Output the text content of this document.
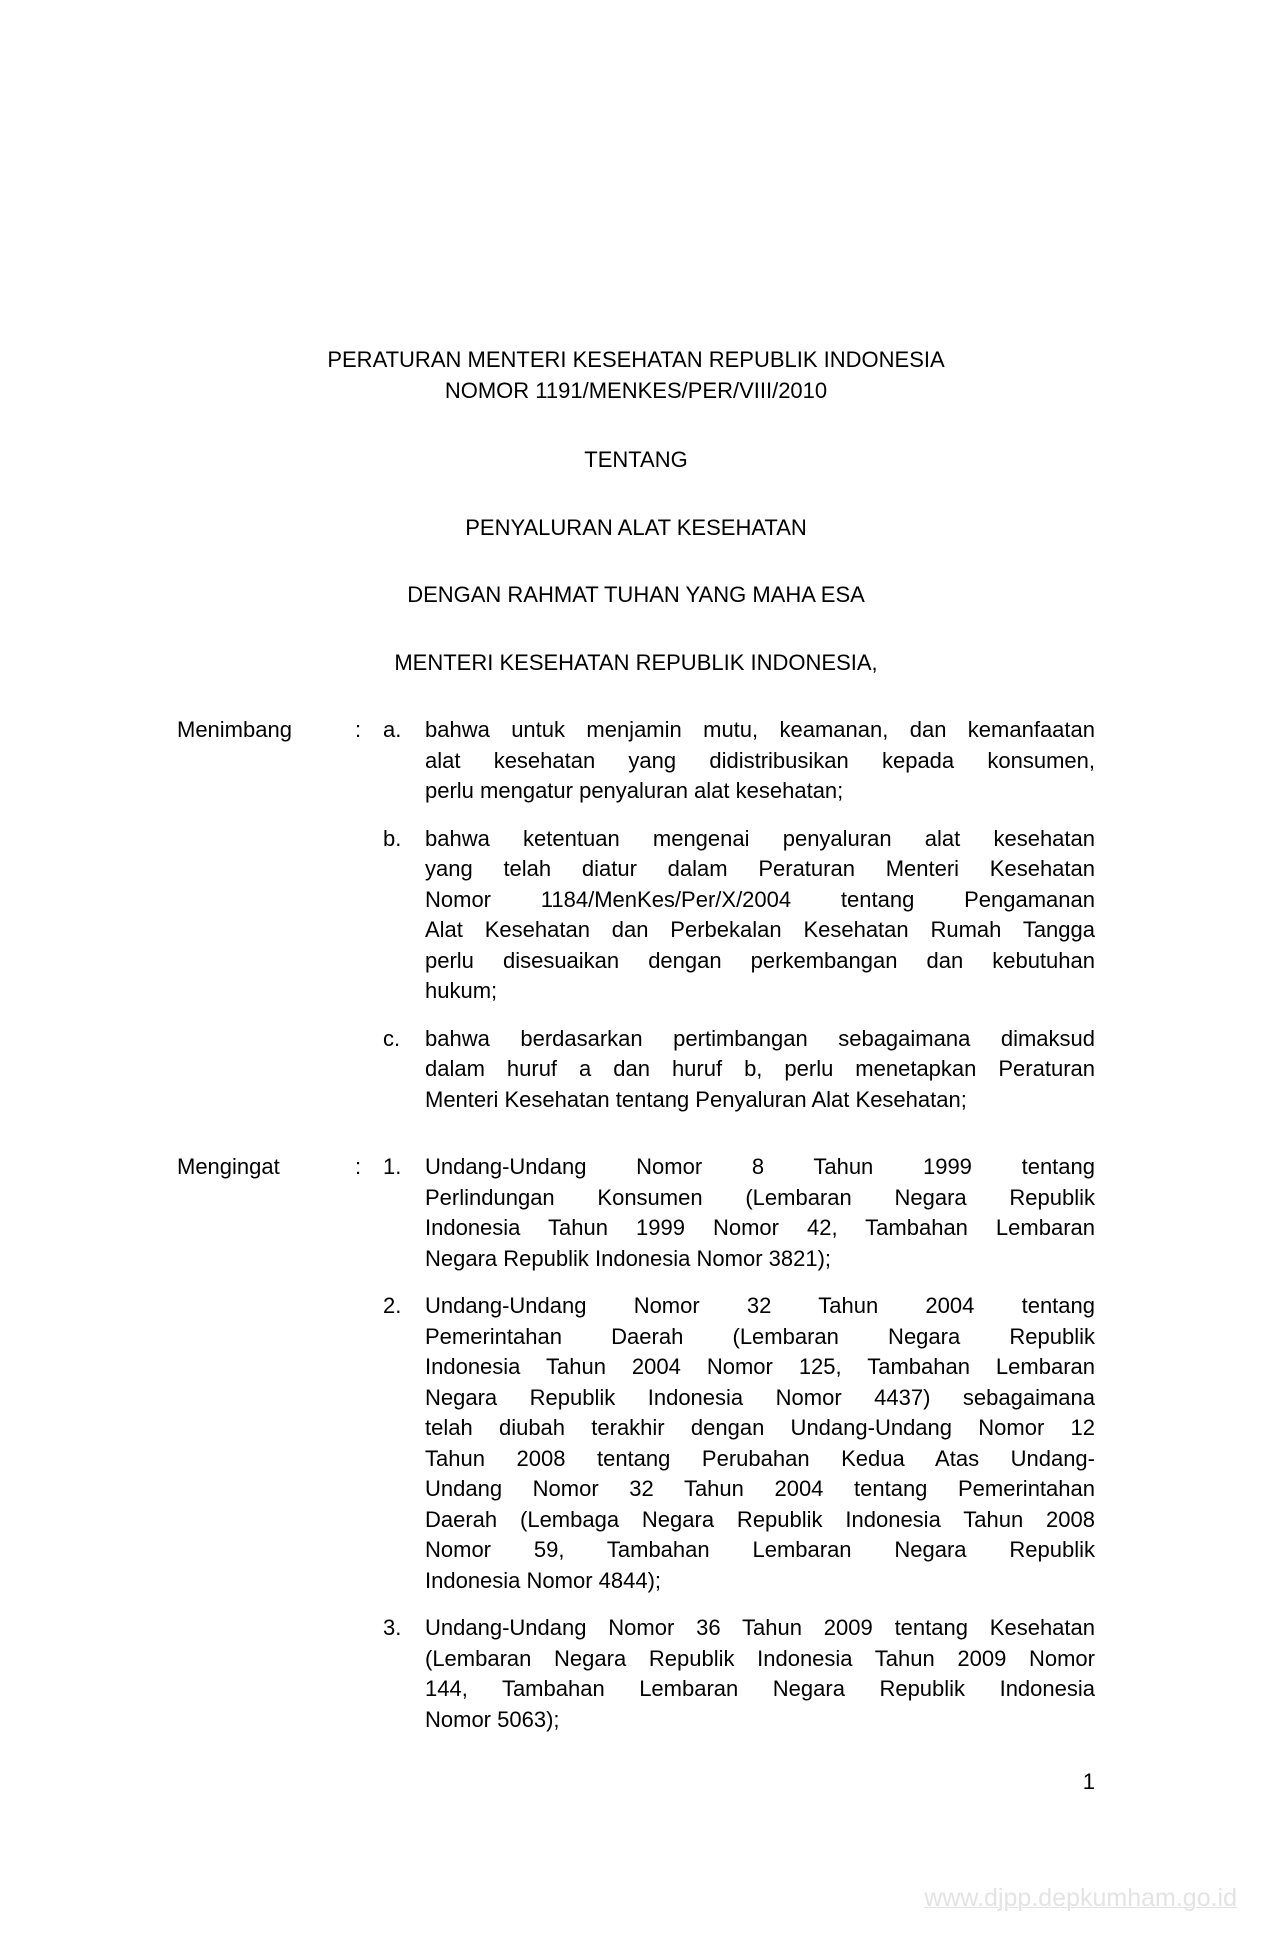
PERATURAN MENTERI KESEHATAN REPUBLIK INDONESIA
NOMOR 1191/MENKES/PER/VIII/2010
TENTANG
PENYALURAN ALAT KESEHATAN
DENGAN RAHMAT TUHAN YANG MAHA ESA
MENTERI KESEHATAN REPUBLIK INDONESIA,
Menimbang	: a.	bahwa untuk menjamin mutu, keamanan, dan kemanfaatan
alat kesehatan yang didistribusikan kepada konsumen,
perlu mengatur penyaluran alat kesehatan;
b.	bahwa ketentuan mengenai penyaluran alat kesehatan
yang telah diatur dalam Peraturan Menteri Kesehatan
Nomor 1184/MenKes/Per/X/2004 tentang Pengamanan
Alat Kesehatan dan Perbekalan Kesehatan Rumah Tangga
perlu disesuaikan dengan perkembangan dan kebutuhan
hukum;
c.	bahwa berdasarkan pertimbangan sebagaimana dimaksud
dalam huruf a dan huruf b, perlu menetapkan Peraturan
Menteri Kesehatan tentang Penyaluran Alat Kesehatan;
Mengingat	: 1.	Undang-Undang Nomor 8 Tahun 1999 tentang
Perlindungan Konsumen (Lembaran Negara Republik
Indonesia Tahun 1999 Nomor 42, Tambahan Lembaran
Negara Republik Indonesia Nomor 3821);
2.	Undang-Undang Nomor 32 Tahun 2004 tentang
Pemerintahan Daerah (Lembaran Negara Republik
Indonesia Tahun 2004 Nomor 125, Tambahan Lembaran
Negara Republik Indonesia Nomor 4437) sebagaimana
telah diubah terakhir dengan Undang-Undang Nomor 12
Tahun 2008 tentang Perubahan Kedua Atas Undang-
Undang Nomor 32 Tahun 2004 tentang Pemerintahan
Daerah (Lembaga Negara Republik Indonesia Tahun 2008
Nomor 59, Tambahan Lembaran Negara Republik
Indonesia Nomor 4844);
3.	Undang-Undang Nomor 36 Tahun 2009 tentang Kesehatan
(Lembaran Negara Republik Indonesia Tahun 2009 Nomor
144, Tambahan Lembaran Negara Republik Indonesia
Nomor 5063);
1
www.djpp.depkumham.go.id
